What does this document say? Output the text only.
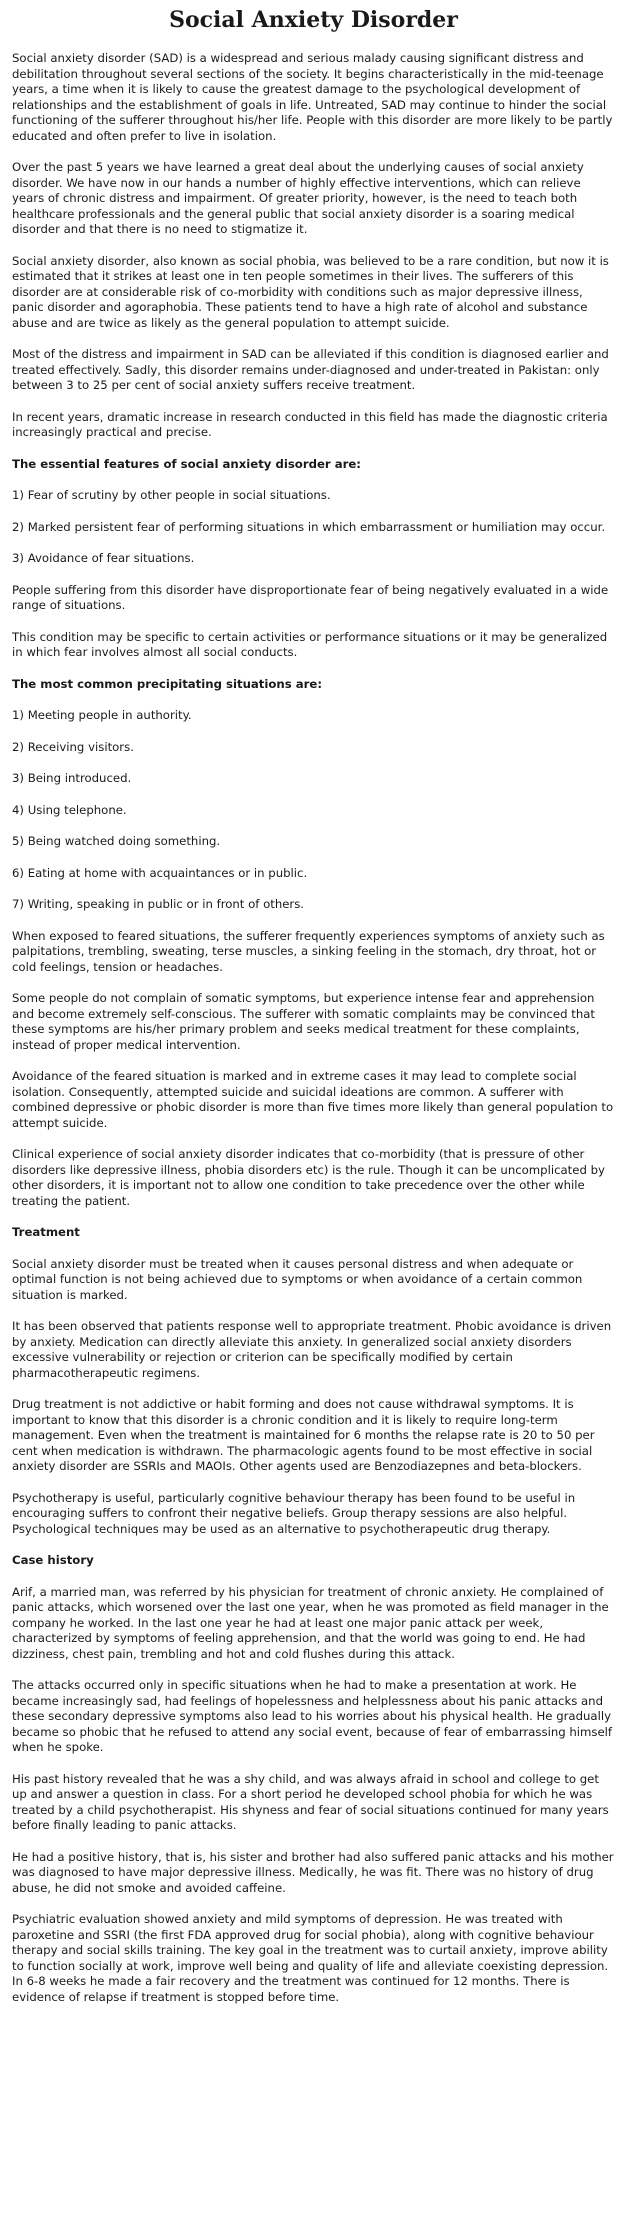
Social Anxiety Disorder

Social anxiety disorder (SAD) is a widespread and serious malady causing significant distress and debilitation throughout several sections of the society. It begins characteristically in the mid-teenage years, a time when it is likely to cause the greatest damage to the psychological development of relationships and the establishment of goals in life. Untreated, SAD may continue to hinder the social functioning of the sufferer throughout his/her life. People with this disorder are more likely to be partly educated and often prefer to live in isolation.

Over the past 5 years we have learned a great deal about the underlying causes of social anxiety disorder. We have now in our hands a number of highly effective interventions, which can relieve years of chronic distress and impairment. Of greater priority, however, is the need to teach both healthcare professionals and the general public that social anxiety disorder is a soaring medical disorder and that there is no need to stigmatize it.

Social anxiety disorder, also known as social phobia, was believed to be a rare condition, but now it is estimated that it strikes at least one in ten people sometimes in their lives. The sufferers of this disorder are at considerable risk of co-morbidity with conditions such as major depressive illness, panic disorder and agoraphobia. These patients tend to have a high rate of alcohol and substance abuse and are twice as likely as the general population to attempt suicide.

Most of the distress and impairment in SAD can be alleviated if this condition is diagnosed earlier and treated effectively. Sadly, this disorder remains under-diagnosed and under-treated in Pakistan: only between 3 to 25 per cent of social anxiety suffers receive treatment.

In recent years, dramatic increase in research conducted in this field has made the diagnostic criteria increasingly practical and precise.

The essential features of social anxiety disorder are:

1) Fear of scrutiny by other people in social situations.

2) Marked persistent fear of performing situations in which embarrassment or humiliation may occur.

3) Avoidance of fear situations.

People suffering from this disorder have disproportionate fear of being negatively evaluated in a wide range of situations.

This condition may be specific to certain activities or performance situations or it may be generalized in which fear involves almost all social conducts.

The most common precipitating situations are:

1) Meeting people in authority.

2) Receiving visitors.

3) Being introduced.

4) Using telephone.

5) Being watched doing something.

6) Eating at home with acquaintances or in public.

7) Writing, speaking in public or in front of others.

When exposed to feared situations, the sufferer frequently experiences symptoms of anxiety such as palpitations, trembling, sweating, terse muscles, a sinking feeling in the stomach, dry throat, hot or cold feelings, tension or headaches.

Some people do not complain of somatic symptoms, but experience intense fear and apprehension and become extremely self-conscious. The sufferer with somatic complaints may be convinced that these symptoms are his/her primary problem and seeks medical treatment for these complaints, instead of proper medical intervention.

Avoidance of the feared situation is marked and in extreme cases it may lead to complete social isolation. Consequently, attempted suicide and suicidal ideations are common. A sufferer with combined depressive or phobic disorder is more than five times more likely than general population to attempt suicide.

Clinical experience of social anxiety disorder indicates that co-morbidity (that is pressure of other disorders like depressive illness, phobia disorders etc) is the rule. Though it can be uncomplicated by other disorders, it is important not to allow one condition to take precedence over the other while treating the patient.

Treatment

Social anxiety disorder must be treated when it causes personal distress and when adequate or optimal function is not being achieved due to symptoms or when avoidance of a certain common situation is marked.

It has been observed that patients response well to appropriate treatment. Phobic avoidance is driven by anxiety. Medication can directly alleviate this anxiety. In generalized social anxiety disorders excessive vulnerability or rejection or criterion can be specifically modified by certain pharmacotherapeutic regimens.

Drug treatment is not addictive or habit forming and does not cause withdrawal symptoms. It is important to know that this disorder is a chronic condition and it is likely to require long-term management. Even when the treatment is maintained for 6 months the relapse rate is 20 to 50 per cent when medication is withdrawn. The pharmacologic agents found to be most effective in social anxiety disorder are SSRIs and MAOIs. Other agents used are Benzodiazepnes and beta-blockers.

Psychotherapy is useful, particularly cognitive behaviour therapy has been found to be useful in encouraging suffers to confront their negative beliefs. Group therapy sessions are also helpful. Psychological techniques may be used as an alternative to psychotherapeutic drug therapy.

Case history

Arif, a married man, was referred by his physician for treatment of chronic anxiety. He complained of panic attacks, which worsened over the last one year, when he was promoted as field manager in the company he worked. In the last one year he had at least one major panic attack per week, characterized by symptoms of feeling apprehension, and that the world was going to end. He had dizziness, chest pain, trembling and hot and cold flushes during this attack.

The attacks occurred only in specific situations when he had to make a presentation at work. He became increasingly sad, had feelings of hopelessness and helplessness about his panic attacks and these secondary depressive symptoms also lead to his worries about his physical health. He gradually became so phobic that he refused to attend any social event, because of fear of embarrassing himself when he spoke.

His past history revealed that he was a shy child, and was always afraid in school and college to get up and answer a question in class. For a short period he developed school phobia for which he was treated by a child psychotherapist. His shyness and fear of social situations continued for many years before finally leading to panic attacks.

He had a positive history, that is, his sister and brother had also suffered panic attacks and his mother was diagnosed to have major depressive illness. Medically, he was fit. There was no history of drug abuse, he did not smoke and avoided caffeine.

Psychiatric evaluation showed anxiety and mild symptoms of depression. He was treated with paroxetine and SSRI (the first FDA approved drug for social phobia), along with cognitive behaviour therapy and social skills training. The key goal in the treatment was to curtail anxiety, improve ability to function socially at work, improve well being and quality of life and alleviate coexisting depression. In 6-8 weeks he made a fair recovery and the treatment was continued for 12 months. There is evidence of relapse if treatment is stopped before time.
